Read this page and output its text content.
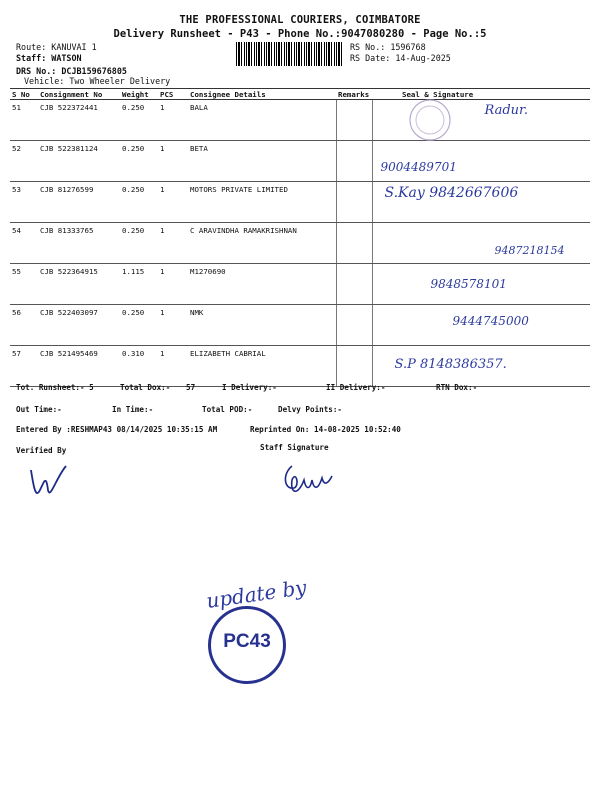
THE PROFESSIONAL COURIERS, COIMBATORE
Delivery Runsheet - P43 - Phone No.:9047080280 - Page No.:5
Route: KANUVAI 1
Staff: WATSON
DRS No.: DCJB159676805
Vehicle: Two Wheeler Delivery
RS No.: 1596768
RS Date: 14-Aug-2025
S No	Consignment No	Weight	PCS	Consignee Details	Remarks	Seal & Signature
51	CJB 522372441	0.250	1	BALA		Radur.
52	CJB 522381124	0.250	1	BETA		9004489701
53	CJB 81276599	0.250	1	MOTORS PRIVATE LIMITED		S.Kay 9842667606
54	CJB 81333765	0.250	1	C ARAVINDHA RAMAKRISHNAN		9487218154
55	CJB 522364915	1.115	1	M1270690		9848578101
56	CJB 522403097	0.250	1	NMK		9444745000
57	CJB 521495469	0.310	1	ELIZABETH CABRIAL		S.P 8148386357.
Tot. Runsheet:- 5	Total Dox:- 57	I Delivery:-	II Delivery:-	RTN Dox:-
Out Time:-	In Time:-	Total POD:-	Delvy Points:-
Entered By :RESHMAP43 08/14/2025 10:35:15 AM	Reprinted On: 14-08-2025 10:52:40
Verified By	Staff Signature
update by
PC43
